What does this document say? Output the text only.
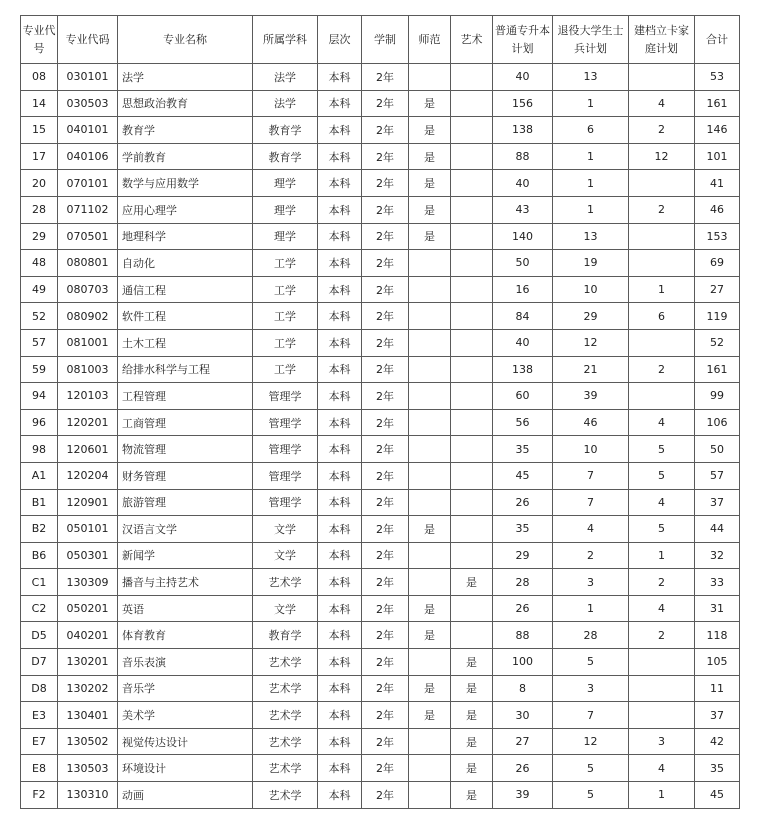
专业代号	专业代码	专业名称	所属学科	层次	学制	师范	艺术	普通专升本计划	退役大学生士兵计划	建档立卡家庭计划	合计
08	030101	法学	法学	本科	2年			40	13		53
14	030503	思想政治教育	法学	本科	2年	是		156	1	4	161
15	040101	教育学	教育学	本科	2年	是		138	6	2	146
17	040106	学前教育	教育学	本科	2年	是		88	1	12	101
20	070101	数学与应用数学	理学	本科	2年	是		40	1		41
28	071102	应用心理学	理学	本科	2年	是		43	1	2	46
29	070501	地理科学	理学	本科	2年	是		140	13		153
48	080801	自动化	工学	本科	2年			50	19		69
49	080703	通信工程	工学	本科	2年			16	10	1	27
52	080902	软件工程	工学	本科	2年			84	29	6	119
57	081001	土木工程	工学	本科	2年			40	12		52
59	081003	给排水科学与工程	工学	本科	2年			138	21	2	161
94	120103	工程管理	管理学	本科	2年			60	39		99
96	120201	工商管理	管理学	本科	2年			56	46	4	106
98	120601	物流管理	管理学	本科	2年			35	10	5	50
A1	120204	财务管理	管理学	本科	2年			45	7	5	57
B1	120901	旅游管理	管理学	本科	2年			26	7	4	37
B2	050101	汉语言文学	文学	本科	2年	是		35	4	5	44
B6	050301	新闻学	文学	本科	2年			29	2	1	32
C1	130309	播音与主持艺术	艺术学	本科	2年		是	28	3	2	33
C2	050201	英语	文学	本科	2年	是		26	1	4	31
D5	040201	体育教育	教育学	本科	2年	是		88	28	2	118
D7	130201	音乐表演	艺术学	本科	2年		是	100	5		105
D8	130202	音乐学	艺术学	本科	2年	是	是	8	3		11
E3	130401	美术学	艺术学	本科	2年	是	是	30	7		37
E7	130502	视觉传达设计	艺术学	本科	2年		是	27	12	3	42
E8	130503	环境设计	艺术学	本科	2年		是	26	5	4	35
F2	130310	动画	艺术学	本科	2年		是	39	5	1	45
